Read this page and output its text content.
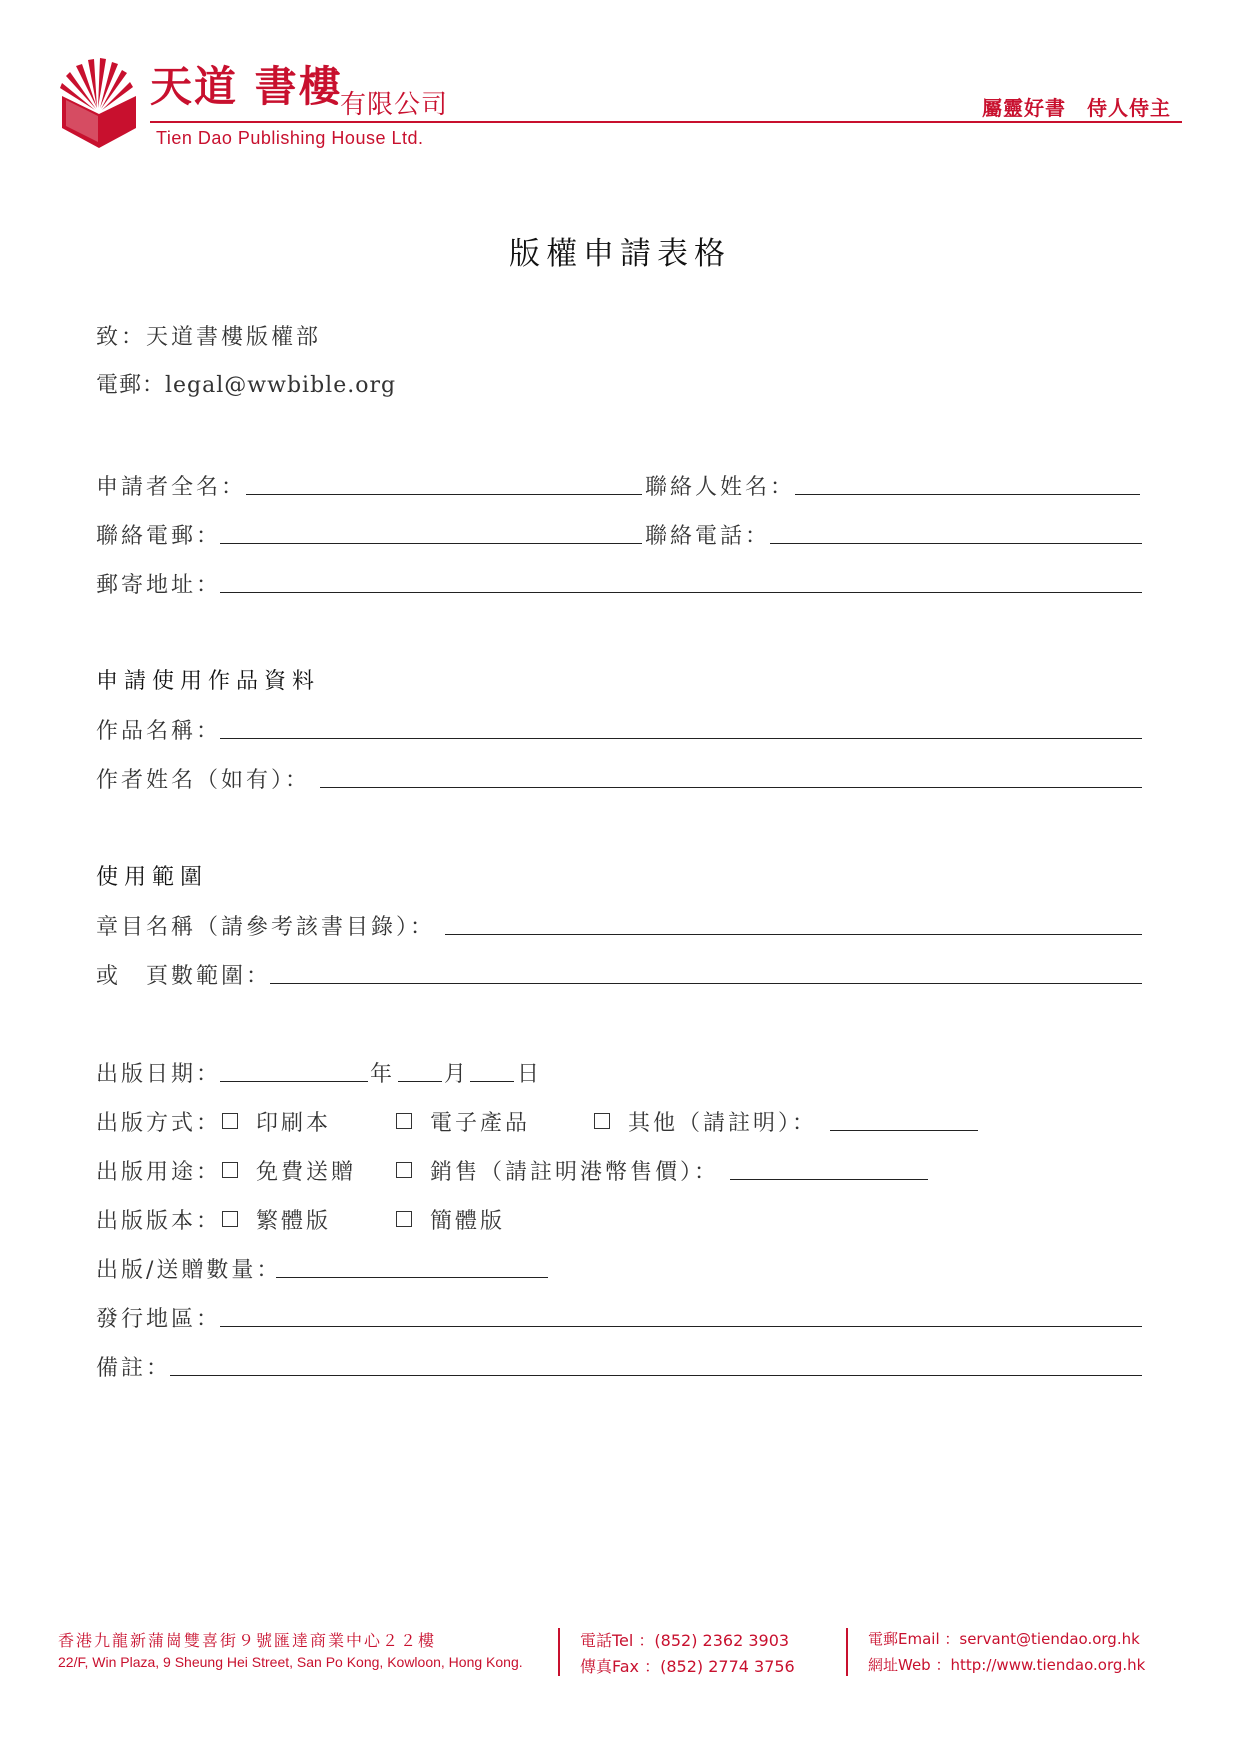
天道 書樓
有限公司
Tien Dao Publishing House Ltd.
屬靈好書　侍人侍主
版權申請表格
致：天道書樓版權部
電郵：legal@wwbible.org
申請者全名：	聯絡人姓名：
聯絡電郵：	聯絡電話：
郵寄地址：
申請使用作品資料
作品名稱：
作者姓名（如有）：
使用範圍
章目名稱（請參考該書目錄）：
或　頁數範圍：
出版日期：	年 月 日
出版方式：	印刷本	電子產品	其他（請註明）：
出版用途：	免費送贈	銷售（請註明港幣售價）：
出版版本：	繁體版	簡體版
出版/送贈數量：
發行地區：
備註：
香港九龍新蒲崗雙喜街９號匯達商業中心２２樓
22/F, Win Plaza, 9 Sheung Hei Street, San Po Kong, Kowloon, Hong Kong.
電話Tel ：(852) 2362 3903
傳真Fax ：(852) 2774 3756
電郵Email ：servant@tiendao.org.hk
網址Web ：http://www.tiendao.org.hk
